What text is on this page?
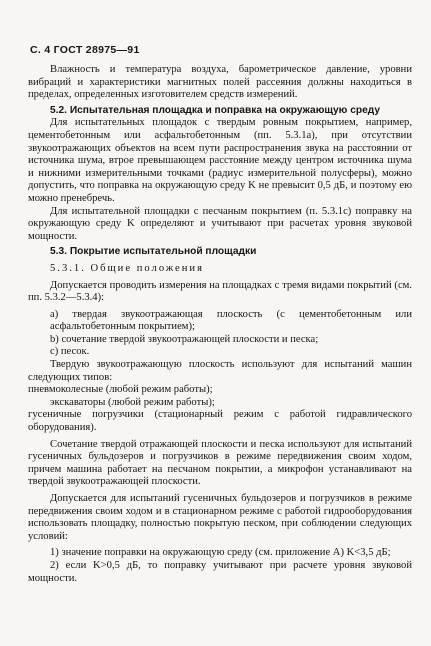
С. 4 ГОСТ 28975—91

Влажность и температура воздуха, барометрическое давление, уровни вибраций и характеристики магнитных полей рассеяния должны находиться в пределах, определенных изготовителем средств измерений.

5.2. Испытательная площадка и поправка на окружающую среду

Для испытательных площадок с твердым ровным покрытием, например, цементобетонным или асфальтобетонным (пп. 5.3.1а), при отсутствии звукоотражающих объектов на всем пути распространения звука на расстоянии от источника шума, втрое превышающем расстояние между центром источника шума и нижними измерительными точками (радиус измерительной полусферы), можно допустить, что поправка на окружающую среду K не превысит 0,5 дБ, и поэтому ею можно пренебречь.

Для испытательной площадки с песчаным покрытием (п. 5.3.1с) поправку на окружающую среду K определяют и учитывают при расчетах уровня звуковой мощности.

5.3. Покрытие испытательной площадки

5.3.1. Общие положения

Допускается проводить измерения на площадках с тремя видами покрытий (см. пп. 5.3.2—5.3.4):

а) твердая звукоотражающая плоскость (с цементобетонным или асфальтобетонным покрытием);

b) сочетание твердой звукоотражающей плоскости и песка;

c) песок.

Твердую звукоотражающую плоскость используют для испытаний машин следующих типов:

пневмоколесные (любой режим работы);

экскаваторы (любой режим работы);

гусеничные погрузчики (стационарный режим с работой гидравлического оборудования).

Сочетание твердой отражающей плоскости и песка используют для испытаний гусеничных бульдозеров и погрузчиков в режиме передвижения своим ходом, причем машина работает на песчаном покрытии, а микрофон устанавливают на твердой звукоотражающей плоскости.

Допускается для испытаний гусеничных бульдозеров и погрузчиков в режиме передвижения своим ходом и в стационарном режиме с работой гидрооборудования использовать площадку, полностью покрытую песком, при соблюдении следующих условий:

1) значение поправки на окружающую среду (см. приложение А) K<3,5 дБ;

2) если K>0,5 дБ, то поправку учитывают при расчете уровня звуковой мощности.
